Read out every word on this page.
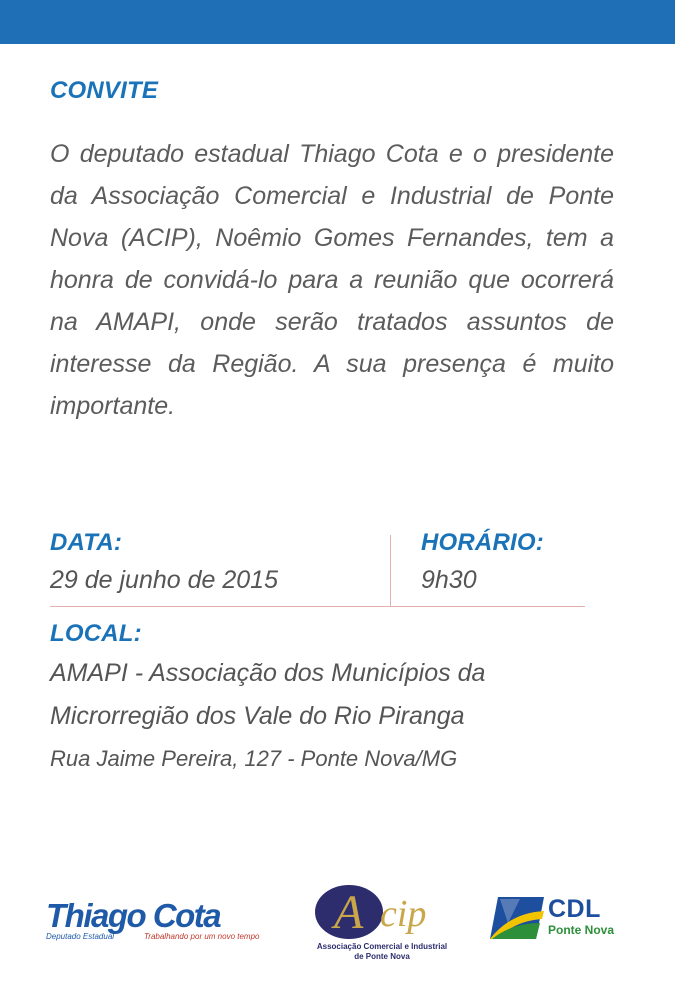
CONVITE

O deputado estadual Thiago Cota e o presidente da Associação Comercial e Industrial de Ponte Nova (ACIP), Noêmio Gomes Fernandes, tem a honra de convidá-lo para a reunião que ocorrerá na AMAPI, onde serão tratados assuntos de interesse da Região. A sua presença é muito importante.

DATA:

29 de junho de 2015

HORÁRIO:

9h30

LOCAL:

AMAPI - Associação dos Municípios da

Microrregião dos Vale do Rio Piranga

Rua Jaime Pereira, 127 - Ponte Nova/MG

Thiago Cota
Deputado Estadual	Trabalhando por um novo tempo A cip
Associação Comercial e Industrial
de Ponte Nova
CDL
Ponte Nova
